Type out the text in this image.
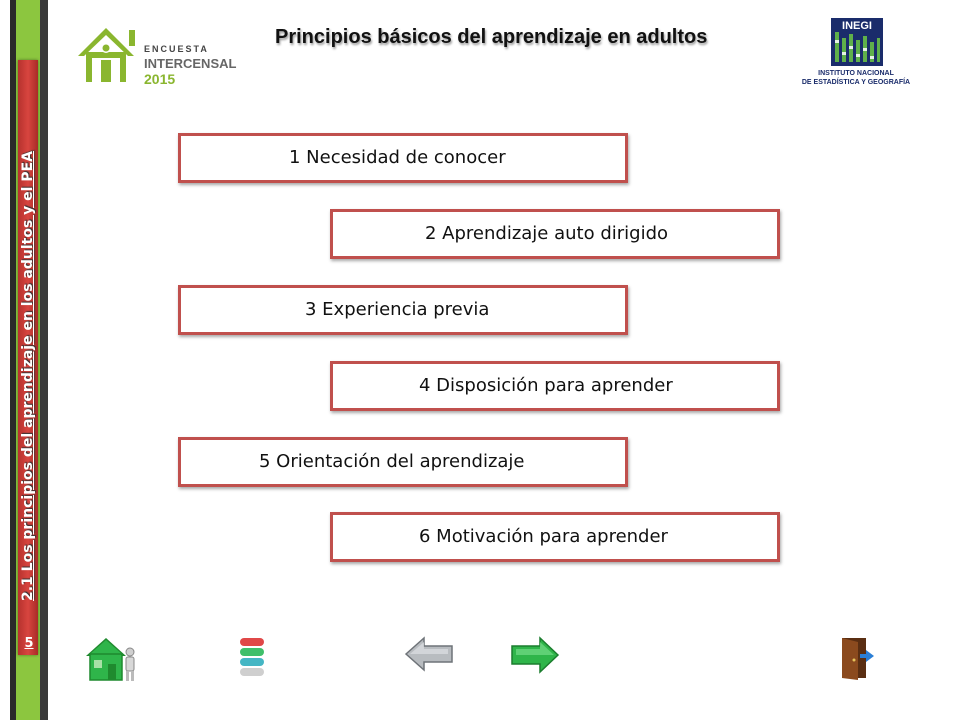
2.1 Los principios del aprendizaje en los adultos y el PEA
5
ENCUESTA
INTERCENSAL
2015
Principios básicos del aprendizaje en adultos	INEGI
INSTITUTO NACIONAL
DE ESTADÍSTICA Y GEOGRAFÍA
1 Necesidad de conocer
2 Aprendizaje auto dirigido
3 Experiencia previa
4 Disposición para aprender
5 Orientación del aprendizaje
6 Motivación para aprender
